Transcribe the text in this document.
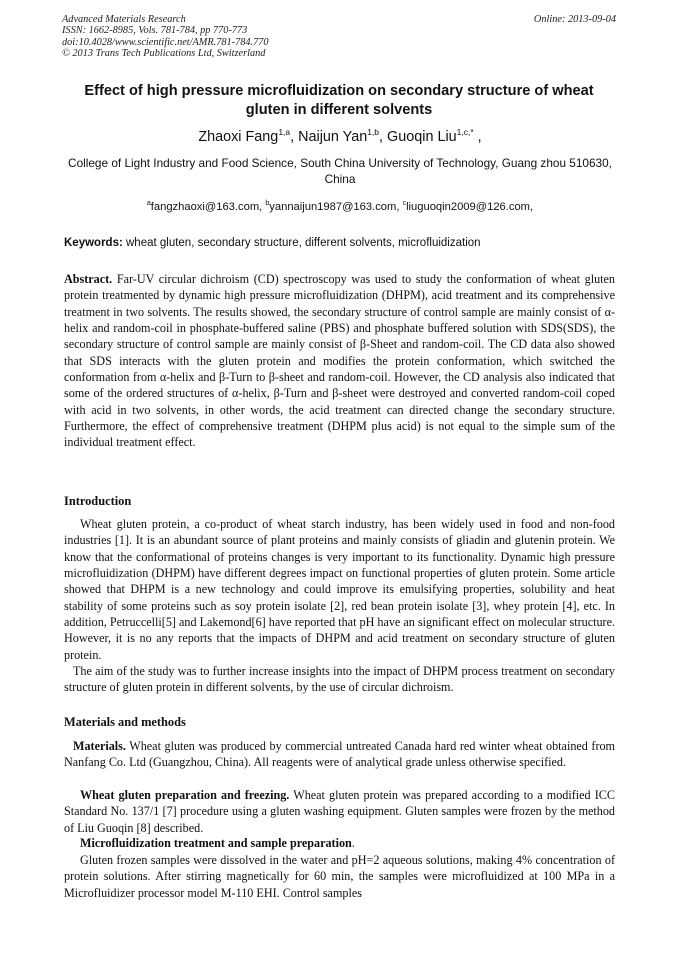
Advanced Materials Research
ISSN: 1662-8985, Vols. 781-784, pp 770-773
doi:10.4028/www.scientific.net/AMR.781-784.770
© 2013 Trans Tech Publications Ltd, Switzerland
Online: 2013-09-04
Effect of high pressure microfluidization on secondary structure of wheat gluten in different solvents
Zhaoxi Fang$^{1,a}$, Naijun Yan$^{1,b}$, Guoqin Liu$^{1,c,*}$ ,
College of Light Industry and Food Science, South China University of Technology, Guang zhou 510630, China
$^a$fangzhaoxi@163.com, $^b$yannaijun1987@163.com, $^c$liuguoqin2009@126.com,
Keywords: wheat gluten, secondary structure, different solvents, microfluidization

Abstract. Far-UV circular dichroism (CD) spectroscopy was used to study the conformation of wheat gluten protein treatmented by dynamic high pressure microfluidization (DHPM), acid treatment and its comprehensive treatment in two solvents. The results showed, the secondary structure of control sample are mainly consist of α-helix and random-coil in phosphate-buffered saline (PBS) and phosphate buffered solution with SDS(SDS), the secondary structure of control sample are mainly consist of β-Sheet and random-coil. The CD data also showed that SDS interacts with the gluten protein and modifies the protein conformation, which switched the conformation from α-helix and β-Turn to β-sheet and random-coil. However, the CD analysis also indicated that some of the ordered structures of α-helix, β-Turn and β-sheet were destroyed and converted random-coil coped with acid in two solvents, in other words, the acid treatment can directed change the secondary structure. Furthermore, the effect of comprehensive treatment (DHPM plus acid) is not equal to the simple sum of the individual treatment effect.

Introduction

Wheat gluten protein, a co-product of wheat starch industry, has been widely used in food and non-food industries [1]. It is an abundant source of plant proteins and mainly consists of gliadin and glutenin protein. We know that the conformational of proteins changes is very important to its functionality. Dynamic high pressure microfluidization (DHPM) have different degrees impact on functional properties of gluten protein. Some article showed that DHPM is a new technology and could improve its emulsifying properties, solubility and heat stability of some proteins such as soy protein isolate [2], red bean protein isolate [3], whey protein [4], etc. In addition, Petruccelli[5] and Lakemond[6] have reported that pH have an significant effect on molecular structure. However, it is no any reports that the impacts of DHPM and acid treatment on secondary structure of gluten protein.

The aim of the study was to further increase insights into the impact of DHPM process treatment on secondary structure of gluten protein in different solvents, by the use of circular dichroism.

Materials and methods

Materials. Wheat gluten was produced by commercial untreated Canada hard red winter wheat obtained from Nanfang Co. Ltd (Guangzhou, China). All reagents were of analytical grade unless otherwise specified.

Wheat gluten preparation and freezing. Wheat gluten protein was prepared according to a modified ICC Standard No. 137/1 [7] procedure using a gluten washing equipment. Gluten samples were frozen by the method of Liu Guoqin [8] described.

Microfluidization treatment and sample preparation.

Gluten frozen samples were dissolved in the water and pH=2 aqueous solutions, making 4% concentration of protein solutions. After stirring magnetically for 60 min, the samples were microfluidized at 100 MPa in a Microfluidizer processor model M-110 EHI. Control samples
